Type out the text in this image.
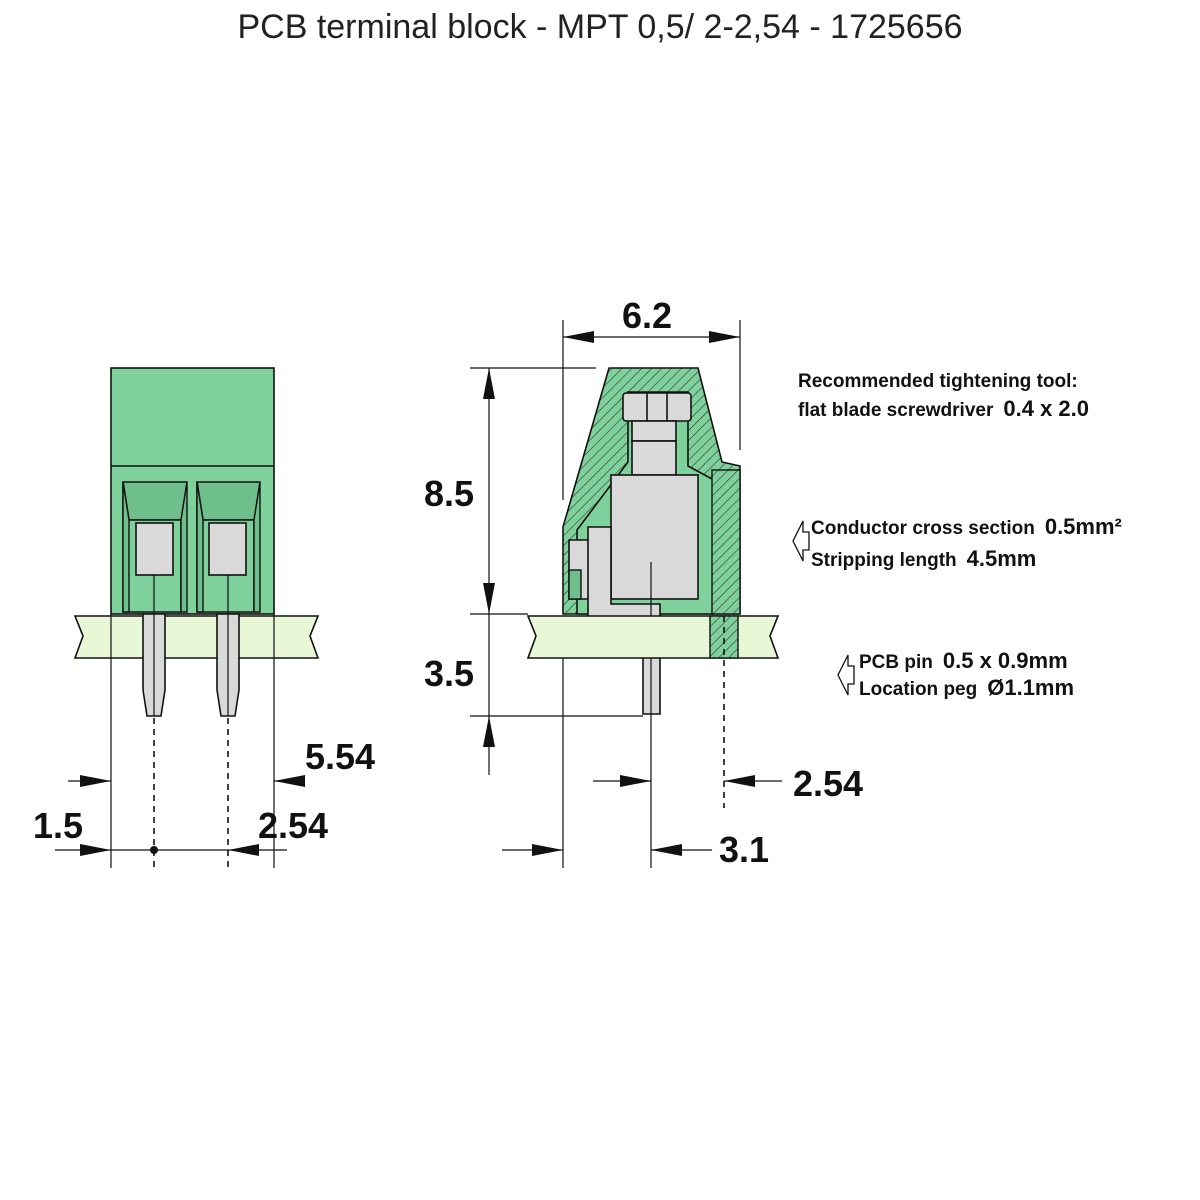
PCB terminal block - MPT 0,5/ 2-2,54 - 1725656
5.54
1.5	2.54
6.2
8.5
3.5
2.54
3.1
Recommended tightening tool:
flat blade screwdriver 0.4 x 2.0
Conductor cross section 0.5mm²
Stripping length 4.5mm
PCB pin 0.5 x 0.9mm
Location peg Ø1.1mm
